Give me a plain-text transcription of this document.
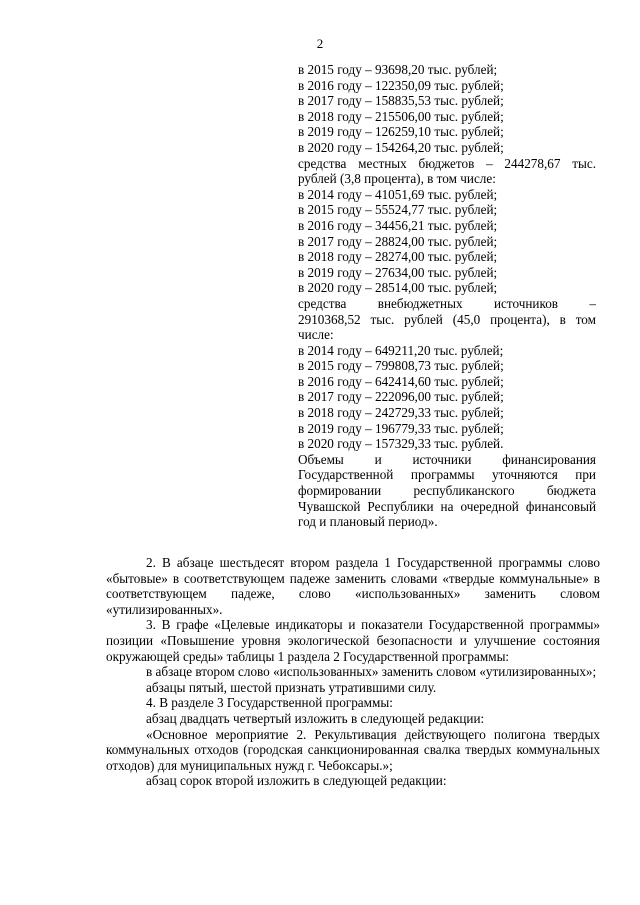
2
в 2015 году – 93698,20 тыс. рублей;
в 2016 году – 122350,09 тыс. рублей;
в 2017 году – 158835,53 тыс. рублей;
в 2018 году – 215506,00 тыс. рублей;
в 2019 году – 126259,10 тыс. рублей;
в 2020 году – 154264,20 тыс. рублей;
средства местных бюджетов – 244278,67 тыс.
рублей (3,8 процента), в том числе:
в 2014 году – 41051,69 тыс. рублей;
в 2015 году – 55524,77 тыс. рублей;
в 2016 году – 34456,21 тыс. рублей;
в 2017 году – 28824,00 тыс. рублей;
в 2018 году – 28274,00 тыс. рублей;
в 2019 году – 27634,00 тыс. рублей;
в 2020 году – 28514,00 тыс. рублей;
средства внебюджетных источников –
2910368,52 тыс. рублей (45,0 процента), в том
числе:
в 2014 году – 649211,20 тыс. рублей;
в 2015 году – 799808,73 тыс. рублей;
в 2016 году – 642414,60 тыс. рублей;
в 2017 году – 222096,00 тыс. рублей;
в 2018 году – 242729,33 тыс. рублей;
в 2019 году – 196779,33 тыс. рублей;
в 2020 году – 157329,33 тыс. рублей.
Объемы и источники финансирования Государственной программы уточняются при формировании республиканского бюджета Чувашской Республики на очередной финансовый год и плановый период».

2. В абзаце шестьдесят втором раздела 1 Государственной программы слово «бытовые» в соответствующем падеже заменить словами «твердые коммунальные» в соответствующем падеже, слово «использованных» заменить словом «утилизированных».

3. В графе «Целевые индикаторы и показатели Государственной программы» позиции «Повышение уровня экологической безопасности и улучшение состояния окружающей среды» таблицы 1 раздела 2 Государственной программы:

в абзаце втором слово «использованных» заменить словом «утилизированных»;

абзацы пятый, шестой признать утратившими силу.

4. В разделе 3 Государственной программы:

абзац двадцать четвертый изложить в следующей редакции:

«Основное мероприятие 2. Рекультивация действующего полигона твердых коммунальных отходов (городская санкционированная свалка твердых коммунальных отходов) для муниципальных нужд г. Чебоксары.»;

абзац сорок второй изложить в следующей редакции:
